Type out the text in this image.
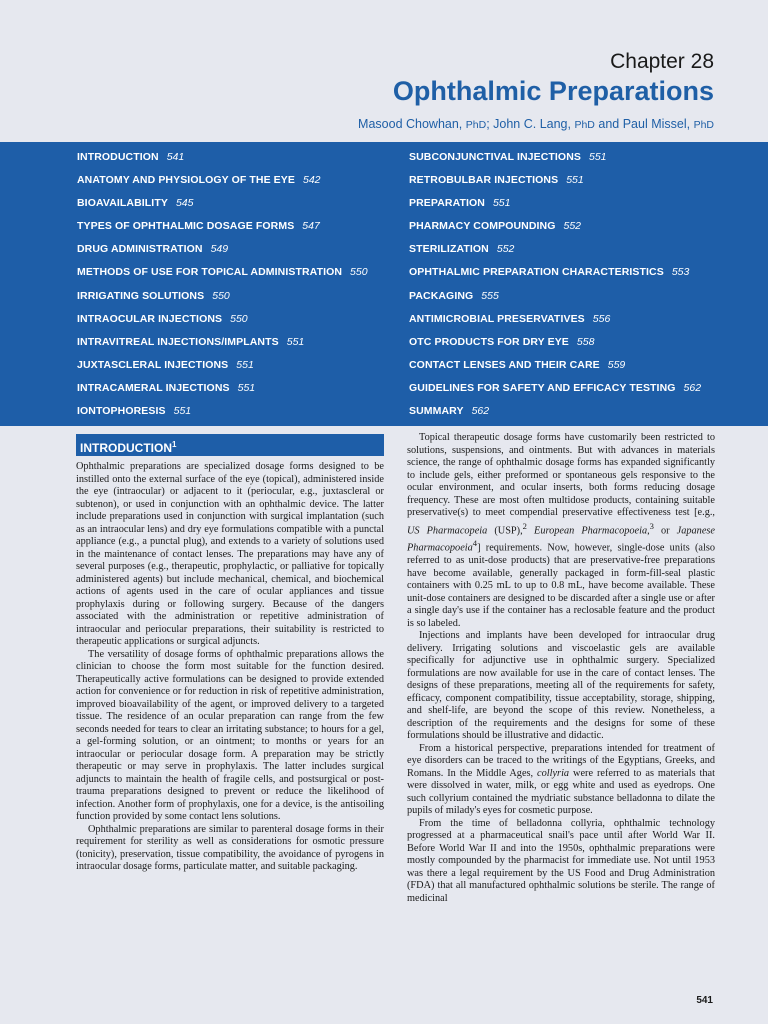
Chapter 28
Ophthalmic Preparations
Masood Chowhan, PhD; John C. Lang, PhD and Paul Missel, PhD
INTRODUCTION 541
ANATOMY AND PHYSIOLOGY OF THE EYE 542
BIOAVAILABILITY 545
TYPES OF OPHTHALMIC DOSAGE FORMS 547
DRUG ADMINISTRATION 549
METHODS OF USE FOR TOPICAL ADMINISTRATION 550
IRRIGATING SOLUTIONS 550
INTRAOCULAR INJECTIONS 550
INTRAVITREAL INJECTIONS/IMPLANTS 551
JUXTASCLERAL INJECTIONS 551
INTRACAMERAL INJECTIONS 551
IONTOPHORESIS 551
SUBCONJUNCTIVAL INJECTIONS 551
RETROBULBAR INJECTIONS 551
PREPARATION 551
PHARMACY COMPOUNDING 552
STERILIZATION 552
OPHTHALMIC PREPARATION CHARACTERISTICS 553
PACKAGING 555
ANTIMICROBIAL PRESERVATIVES 556
OTC PRODUCTS FOR DRY EYE 558
CONTACT LENSES AND THEIR CARE 559
GUIDELINES FOR SAFETY AND EFFICACY TESTING 562
SUMMARY 562
INTRODUCTION$^1$

Ophthalmic preparations are specialized dosage forms designed to be instilled onto the external surface of the eye (topical), administered inside the eye (intraocular) or adjacent to it (periocular, e.g., juxtascleral or subtenon), or used in conjunction with an ophthalmic device. The latter include preparations used in conjunction with surgical implantation (such as an intraocular lens) and dry eye formulations compatible with a punctal appliance (e.g., a punctal plug), and extends to a variety of solutions used in the maintenance of contact lenses. The preparations may have any of several purposes (e.g., therapeutic, prophylactic, or palliative for topically administered agents) but include mechanical, chemical, and biochemical actions of agents used in the care of ocular appliances and tissue prophylaxis during or following surgery. Because of the dangers associated with the administration or repetitive administration of intraocular and periocular preparations, their suitability is restricted to therapeutic applications or surgical adjuncts.

The versatility of dosage forms of ophthalmic preparations allows the clinician to choose the form most suitable for the function desired. Therapeutically active formulations can be designed to provide extended action for convenience or for reduction in risk of repetitive administration, improved bioavailability of the agent, or improved delivery to a targeted tissue. The residence of an ocular preparation can range from the few seconds needed for tears to clear an irritating substance; to hours for a gel, a gel-forming solution, or an ointment; to months or years for an intraocular or periocular dosage form. A preparation may be strictly therapeutic or may serve in prophylaxis. The latter includes surgical adjuncts to maintain the health of fragile cells, and postsurgical or post-trauma preparations designed to prevent or reduce the likelihood of infection. Another form of prophylaxis, one for a device, is the antisoiling function provided by some contact lens solutions.

Ophthalmic preparations are similar to parenteral dosage forms in their requirement for sterility as well as considerations for osmotic pressure (tonicity), preservation, tissue compatibility, the avoidance of pyrogens in intraocular dosage forms, particulate matter, and suitable packaging.

Topical therapeutic dosage forms have customarily been restricted to solutions, suspensions, and ointments. But with advances in materials science, the range of ophthalmic dosage forms has expanded significantly to include gels, either preformed or spontaneous gels responsive to the ocular environment, and ocular inserts, both forms reducing dosage frequency. These are most often multidose products, containing suitable preservative(s) to meet compendial preservative effectiveness test [e.g., US Pharmacopeia (USP),$^2$ European Pharmacopoeia,$^3$ or Japanese Pharmacopoeia$^4$] requirements. Now, however, single-dose units (also referred to as unit-dose products) that are preservative-free preparations have become available, generally packaged in form-fill-seal plastic containers with 0.25 mL to up to 0.8 mL, have become available. These unit-dose containers are designed to be discarded after a single use or after a single day's use if the container has a reclosable feature and the product is so labeled.

Injections and implants have been developed for intraocular drug delivery. Irrigating solutions and viscoelastic gels are available specifically for adjunctive use in ophthalmic surgery. Specialized formulations are now available for use in the care of contact lenses. The designs of these preparations, meeting all of the requirements for safety, efficacy, component compatibility, tissue acceptability, storage, shipping, and shelf-life, are beyond the scope of this review. Nonetheless, a description of the requirements and the designs for some of these formulations should be illustrative and didactic.

From a historical perspective, preparations intended for treatment of eye disorders can be traced to the writings of the Egyptians, Greeks, and Romans. In the Middle Ages, collyria were referred to as materials that were dissolved in water, milk, or egg white and used as eyedrops. One such collyrium contained the mydriatic substance belladonna to dilate the pupils of milady's eyes for cosmetic purpose.

From the time of belladonna collyria, ophthalmic technology progressed at a pharmaceutical snail's pace until after World War II. Before World War II and into the 1950s, ophthalmic preparations were mostly compounded by the pharmacist for immediate use. Not until 1953 was there a legal requirement by the US Food and Drug Administration (FDA) that all manufactured ophthalmic solutions be sterile. The range of medicinal

541
